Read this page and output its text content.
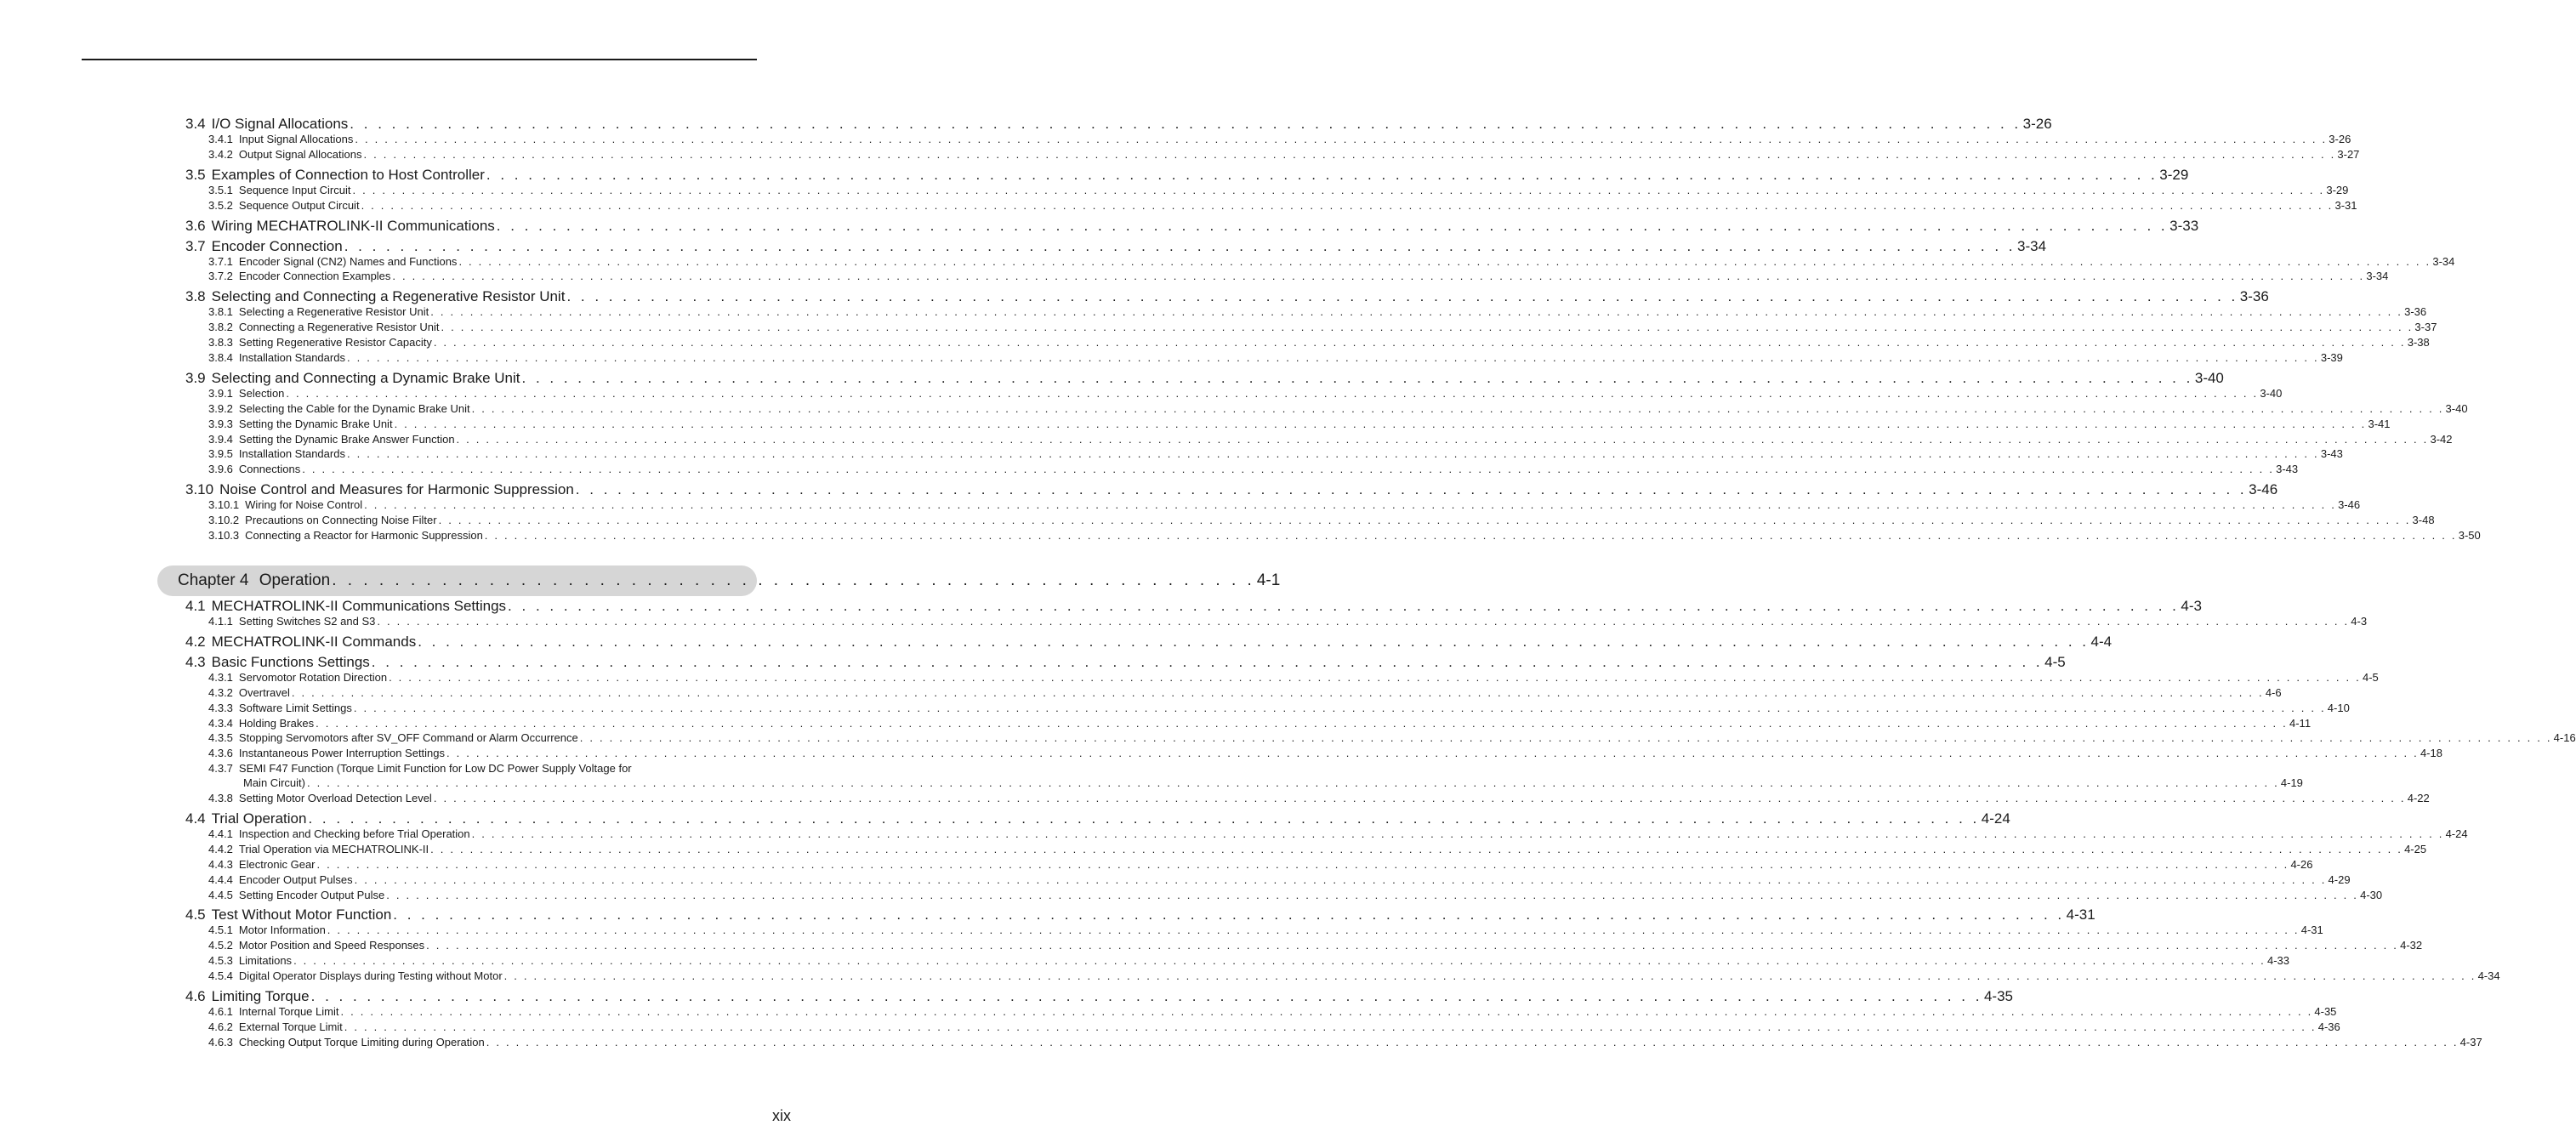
3.4 I/O Signal Allocations . . . . . . . . . . . . . . . . . . . . . . . . . . . . . . . . . . . . . . . . . . . . . . . . . . . . . . . . . . . . . . . . . . . . . . . . . . . . . . . . . . . . . . . . . . . . . . . . . . . . . . . . . . . . . . . . . . . . . . . . 3-26
3.4.1 Input Signal Allocations . . . . . . . . . . . . . . . . . . . . . . . . . . . . . . . . . . . . . . . . . . . . . . . . . . . . . . . . . . . . . . . . . . . . . . . . . . . . . . . . . . . . . . . . . . . . . . . . . . . . . . . . . . . . . . . . . . . . . . . . . . . . . . . . . . . . . . . . . . . . . . . . . . . . . . . . . . . . . . . . . . . . . . . . . . . . . . . . . . . . . . . . . . . . . . . . . . . . . . . . 3-26
3.4.2 Output Signal Allocations . . . . . . . . . . . . . . . . . . . . . . . . . . . . . . . . . . . . . . . . . . . . . . . . . . . . . . . . . . . . . . . . . . . . . . . . . . . . . . . . . . . . . . . . . . . . . . . . . . . . . . . . . . . . . . . . . . . . . . . . . . . . . . . . . . . . . . . . . . . . . . . . . . . . . . . . . . . . . . . . . . . . . . . . . . . . . . . . . . . . . . . . . . . . . . . . . . . . . . . . 3-27
3.5 Examples of Connection to Host Controller . . . . . . . . . . . . . . . . . . . . . . . . . . . . . . . . . . . . . . . . . . . . . . . . . . . . . . . . . . . . . . . . . . . . . . . . . . . . . . . . . . . . . . . . . . . . . . . . . . . . . . . . . . . . . . . . . . . . . . . . 3-29
3.5.1 Sequence Input Circuit . . . . . . . . . . . . . . . . . . . . . . . . . . . . . . . . . . . . . . . . . . . . . . . . . . . . . . . . . . . . . . . . . . . . . . . . . . . . . . . . . . . . . . . . . . . . . . . . . . . . . . . . . . . . . . . . . . . . . . . . . . . . . . . . . . . . . . . . . . . . . . . . . . . . . . . . . . . . . . . . . . . . . . . . . . . . . . . . . . . . . . . . . . . . . . . . . . . . . . . . 3-29
3.5.2 Sequence Output Circuit . . . . . . . . . . . . . . . . . . . . . . . . . . . . . . . . . . . . . . . . . . . . . . . . . . . . . . . . . . . . . . . . . . . . . . . . . . . . . . . . . . . . . . . . . . . . . . . . . . . . . . . . . . . . . . . . . . . . . . . . . . . . . . . . . . . . . . . . . . . . . . . . . . . . . . . . . . . . . . . . . . . . . . . . . . . . . . . . . . . . . . . . . . . . . . . . . . . . . . . . 3-31
3.6 Wiring MECHATROLINK-II Communications . . . . . . . . . . . . . . . . . . . . . . . . . . . . . . . . . . . . . . . . . . . . . . . . . . . . . . . . . . . . . . . . . . . . . . . . . . . . . . . . . . . . . . . . . . . . . . . . . . . . . . . . . . . . . . . . . . . . . . . . 3-33
3.7 Encoder Connection . . . . . . . . . . . . . . . . . . . . . . . . . . . . . . . . . . . . . . . . . . . . . . . . . . . . . . . . . . . . . . . . . . . . . . . . . . . . . . . . . . . . . . . . . . . . . . . . . . . . . . . . . . . . . . . . . . . . . . . . 3-34
3.7.1 Encoder Signal (CN2) Names and Functions . . . . . . . . . . . . . . . . . . . . . . . . . . . . . . . . . . . . . . . . . . . . . . . . . . . . . . . . . . . . . . . . . . . . . . . . . . . . . . . . . . . . . . . . . . . . . . . . . . . . . . . . . . . . . . . . . . . . . . . . . . . . . . . . . . . . . . . . . . . . . . . . . . . . . . . . . . . . . . . . . . . . . . . . . . . . . . . . . . . . . . . . . . . . . . . . . . . . . . . . 3-34
3.7.2 Encoder Connection Examples . . . . . . . . . . . . . . . . . . . . . . . . . . . . . . . . . . . . . . . . . . . . . . . . . . . . . . . . . . . . . . . . . . . . . . . . . . . . . . . . . . . . . . . . . . . . . . . . . . . . . . . . . . . . . . . . . . . . . . . . . . . . . . . . . . . . . . . . . . . . . . . . . . . . . . . . . . . . . . . . . . . . . . . . . . . . . . . . . . . . . . . . . . . . . . . . . . . . . . . . 3-34
3.8 Selecting and Connecting a Regenerative Resistor Unit . . . . . . . . . . . . . . . . . . . . . . . . . . . . . . . . . . . . . . . . . . . . . . . . . . . . . . . . . . . . . . . . . . . . . . . . . . . . . . . . . . . . . . . . . . . . . . . . . . . . . . . . . . . . . . . . . . . . . . . . 3-36
3.8.1 Selecting a Regenerative Resistor Unit . . . . . . . . . . . . . . . . . . . . . . . . . . . . . . . . . . . . . . . . . . . . . . . . . . . . . . . . . . . . . . . . . . . . . . . . . . . . . . . . . . . . . . . . . . . . . . . . . . . . . . . . . . . . . . . . . . . . . . . . . . . . . . . . . . . . . . . . . . . . . . . . . . . . . . . . . . . . . . . . . . . . . . . . . . . . . . . . . . . . . . . . . . . . . . . . . . . . . . . . 3-36
3.8.2 Connecting a Regenerative Resistor Unit . . . . . . . . . . . . . . . . . . . . . . . . . . . . . . . . . . . . . . . . . . . . . . . . . . . . . . . . . . . . . . . . . . . . . . . . . . . . . . . . . . . . . . . . . . . . . . . . . . . . . . . . . . . . . . . . . . . . . . . . . . . . . . . . . . . . . . . . . . . . . . . . . . . . . . . . . . . . . . . . . . . . . . . . . . . . . . . . . . . . . . . . . . . . . . . . . . . . . . . . 3-37
3.8.3 Setting Regenerative Resistor Capacity . . . . . . . . . . . . . . . . . . . . . . . . . . . . . . . . . . . . . . . . . . . . . . . . . . . . . . . . . . . . . . . . . . . . . . . . . . . . . . . . . . . . . . . . . . . . . . . . . . . . . . . . . . . . . . . . . . . . . . . . . . . . . . . . . . . . . . . . . . . . . . . . . . . . . . . . . . . . . . . . . . . . . . . . . . . . . . . . . . . . . . . . . . . . . . . . . . . . . . . . 3-38
3.8.4 Installation Standards . . . . . . . . . . . . . . . . . . . . . . . . . . . . . . . . . . . . . . . . . . . . . . . . . . . . . . . . . . . . . . . . . . . . . . . . . . . . . . . . . . . . . . . . . . . . . . . . . . . . . . . . . . . . . . . . . . . . . . . . . . . . . . . . . . . . . . . . . . . . . . . . . . . . . . . . . . . . . . . . . . . . . . . . . . . . . . . . . . . . . . . . . . . . . . . . . . . . . . . . 3-39
3.9 Selecting and Connecting a Dynamic Brake Unit . . . . . . . . . . . . . . . . . . . . . . . . . . . . . . . . . . . . . . . . . . . . . . . . . . . . . . . . . . . . . . . . . . . . . . . . . . . . . . . . . . . . . . . . . . . . . . . . . . . . . . . . . . . . . . . . . . . . . . . . 3-40
3.9.1 Selection . . . . . . . . . . . . . . . . . . . . . . . . . . . . . . . . . . . . . . . . . . . . . . . . . . . . . . . . . . . . . . . . . . . . . . . . . . . . . . . . . . . . . . . . . . . . . . . . . . . . . . . . . . . . . . . . . . . . . . . . . . . . . . . . . . . . . . . . . . . . . . . . . . . . . . . . . . . . . . . . . . . . . . . . . . . . . . . . . . . . . . . . . . . . . . . . . . . . . . . . 3-40
3.9.2 Selecting the Cable for the Dynamic Brake Unit . . . . . . . . . . . . . . . . . . . . . . . . . . . . . . . . . . . . . . . . . . . . . . . . . . . . . . . . . . . . . . . . . . . . . . . . . . . . . . . . . . . . . . . . . . . . . . . . . . . . . . . . . . . . . . . . . . . . . . . . . . . . . . . . . . . . . . . . . . . . . . . . . . . . . . . . . . . . . . . . . . . . . . . . . . . . . . . . . . . . . . . . . . . . . . . . . . . . . . . . 3-40
3.9.3 Setting the Dynamic Brake Unit . . . . . . . . . . . . . . . . . . . . . . . . . . . . . . . . . . . . . . . . . . . . . . . . . . . . . . . . . . . . . . . . . . . . . . . . . . . . . . . . . . . . . . . . . . . . . . . . . . . . . . . . . . . . . . . . . . . . . . . . . . . . . . . . . . . . . . . . . . . . . . . . . . . . . . . . . . . . . . . . . . . . . . . . . . . . . . . . . . . . . . . . . . . . . . . . . . . . . . . . 3-41
3.9.4 Setting the Dynamic Brake Answer Function . . . . . . . . . . . . . . . . . . . . . . . . . . . . . . . . . . . . . . . . . . . . . . . . . . . . . . . . . . . . . . . . . . . . . . . . . . . . . . . . . . . . . . . . . . . . . . . . . . . . . . . . . . . . . . . . . . . . . . . . . . . . . . . . . . . . . . . . . . . . . . . . . . . . . . . . . . . . . . . . . . . . . . . . . . . . . . . . . . . . . . . . . . . . . . . . . . . . . . . . 3-42
3.9.5 Installation Standards . . . . . . . . . . . . . . . . . . . . . . . . . . . . . . . . . . . . . . . . . . . . . . . . . . . . . . . . . . . . . . . . . . . . . . . . . . . . . . . . . . . . . . . . . . . . . . . . . . . . . . . . . . . . . . . . . . . . . . . . . . . . . . . . . . . . . . . . . . . . . . . . . . . . . . . . . . . . . . . . . . . . . . . . . . . . . . . . . . . . . . . . . . . . . . . . . . . . . . . . 3-43
3.9.6 Connections . . . . . . . . . . . . . . . . . . . . . . . . . . . . . . . . . . . . . . . . . . . . . . . . . . . . . . . . . . . . . . . . . . . . . . . . . . . . . . . . . . . . . . . . . . . . . . . . . . . . . . . . . . . . . . . . . . . . . . . . . . . . . . . . . . . . . . . . . . . . . . . . . . . . . . . . . . . . . . . . . . . . . . . . . . . . . . . . . . . . . . . . . . . . . . . . . . . . . . . . 3-43
3.10 Noise Control and Measures for Harmonic Suppression . . . . . . . . . . . . . . . . . . . . . . . . . . . . . . . . . . . . . . . . . . . . . . . . . . . . . . . . . . . . . . . . . . . . . . . . . . . . . . . . . . . . . . . . . . . . . . . . . . . . . . . . . . . . . . . . . . . . . . . . 3-46
3.10.1 Wiring for Noise Control . . . . . . . . . . . . . . . . . . . . . . . . . . . . . . . . . . . . . . . . . . . . . . . . . . . . . . . . . . . . . . . . . . . . . . . . . . . . . . . . . . . . . . . . . . . . . . . . . . . . . . . . . . . . . . . . . . . . . . . . . . . . . . . . . . . . . . . . . . . . . . . . . . . . . . . . . . . . . . . . . . . . . . . . . . . . . . . . . . . . . . . . . . . . . . . . . . . . . . . . 3-46
3.10.2 Precautions on Connecting Noise Filter . . . . . . . . . . . . . . . . . . . . . . . . . . . . . . . . . . . . . . . . . . . . . . . . . . . . . . . . . . . . . . . . . . . . . . . . . . . . . . . . . . . . . . . . . . . . . . . . . . . . . . . . . . . . . . . . . . . . . . . . . . . . . . . . . . . . . . . . . . . . . . . . . . . . . . . . . . . . . . . . . . . . . . . . . . . . . . . . . . . . . . . . . . . . . . . . . . . . . . . . 3-48
3.10.3 Connecting a Reactor for Harmonic Suppression . . . . . . . . . . . . . . . . . . . . . . . . . . . . . . . . . . . . . . . . . . . . . . . . . . . . . . . . . . . . . . . . . . . . . . . . . . . . . . . . . . . . . . . . . . . . . . . . . . . . . . . . . . . . . . . . . . . . . . . . . . . . . . . . . . . . . . . . . . . . . . . . . . . . . . . . . . . . . . . . . . . . . . . . . . . . . . . . . . . . . . . . . . . . . . . . . . . . . . . . 3-50
Chapter 4 Operation . . . . . . . . . . . . . . . . . . . . . . . . . . . . . . . . . . . . . . . . . . . . . . . . . . . . . . . . . . . 4-1
4.1 MECHATROLINK-II Communications Settings . . . . . . . . . . . . . . . . . . . . . . . . . . . . . . . . . . . . . . . . . . . . . . . . . . . . . . . . . . . . . . . . . . . . . . . . . . . . . . . . . . . . . . . . . . . . . . . . . . . . . . . . . . . . . . . . . . . . . . . . 4-3
4.1.1 Setting Switches S2 and S3 . . . . . . . . . . . . . . . . . . . . . . . . . . . . . . . . . . . . . . . . . . . . . . . . . . . . . . . . . . . . . . . . . . . . . . . . . . . . . . . . . . . . . . . . . . . . . . . . . . . . . . . . . . . . . . . . . . . . . . . . . . . . . . . . . . . . . . . . . . . . . . . . . . . . . . . . . . . . . . . . . . . . . . . . . . . . . . . . . . . . . . . . . . . . . . . . . . . . . . . . 4-3
4.2 MECHATROLINK-II Commands . . . . . . . . . . . . . . . . . . . . . . . . . . . . . . . . . . . . . . . . . . . . . . . . . . . . . . . . . . . . . . . . . . . . . . . . . . . . . . . . . . . . . . . . . . . . . . . . . . . . . . . . . . . . . . . . . . . . . . . . 4-4
4.3 Basic Functions Settings . . . . . . . . . . . . . . . . . . . . . . . . . . . . . . . . . . . . . . . . . . . . . . . . . . . . . . . . . . . . . . . . . . . . . . . . . . . . . . . . . . . . . . . . . . . . . . . . . . . . . . . . . . . . . . . . . . . . . . . . 4-5
4.3.1 Servomotor Rotation Direction . . . . . . . . . . . . . . . . . . . . . . . . . . . . . . . . . . . . . . . . . . . . . . . . . . . . . . . . . . . . . . . . . . . . . . . . . . . . . . . . . . . . . . . . . . . . . . . . . . . . . . . . . . . . . . . . . . . . . . . . . . . . . . . . . . . . . . . . . . . . . . . . . . . . . . . . . . . . . . . . . . . . . . . . . . . . . . . . . . . . . . . . . . . . . . . . . . . . . . . . 4-5
4.3.2 Overtravel . . . . . . . . . . . . . . . . . . . . . . . . . . . . . . . . . . . . . . . . . . . . . . . . . . . . . . . . . . . . . . . . . . . . . . . . . . . . . . . . . . . . . . . . . . . . . . . . . . . . . . . . . . . . . . . . . . . . . . . . . . . . . . . . . . . . . . . . . . . . . . . . . . . . . . . . . . . . . . . . . . . . . . . . . . . . . . . . . . . . . . . . . . . . . . . . . . . . . . . . 4-6
4.3.3 Software Limit Settings . . . . . . . . . . . . . . . . . . . . . . . . . . . . . . . . . . . . . . . . . . . . . . . . . . . . . . . . . . . . . . . . . . . . . . . . . . . . . . . . . . . . . . . . . . . . . . . . . . . . . . . . . . . . . . . . . . . . . . . . . . . . . . . . . . . . . . . . . . . . . . . . . . . . . . . . . . . . . . . . . . . . . . . . . . . . . . . . . . . . . . . . . . . . . . . . . . . . . . . . 4-10
4.3.4 Holding Brakes . . . . . . . . . . . . . . . . . . . . . . . . . . . . . . . . . . . . . . . . . . . . . . . . . . . . . . . . . . . . . . . . . . . . . . . . . . . . . . . . . . . . . . . . . . . . . . . . . . . . . . . . . . . . . . . . . . . . . . . . . . . . . . . . . . . . . . . . . . . . . . . . . . . . . . . . . . . . . . . . . . . . . . . . . . . . . . . . . . . . . . . . . . . . . . . . . . . . . . . . 4-11
4.3.5 Stopping Servomotors after SV_OFF Command or Alarm Occurrence . . . . . . . . . . . . . . . . . . . . . . . . . . . . . . . . . . . . . . . . . . . . . . . . . . . . . . . . . . . . . . . . . . . . . . . . . . . . . . . . . . . . . . . . . . . . . . . . . . . . . . . . . . . . . . . . . . . . . . . . . . . . . . . . . . . . . . . . . . . . . . . . . . . . . . . . . . . . . . . . . . . . . . . . . . . . . . . . . . . . . . . . . . . . . . . . . . . . . . . . 4-16
4.3.6 Instantaneous Power Interruption Settings . . . . . . . . . . . . . . . . . . . . . . . . . . . . . . . . . . . . . . . . . . . . . . . . . . . . . . . . . . . . . . . . . . . . . . . . . . . . . . . . . . . . . . . . . . . . . . . . . . . . . . . . . . . . . . . . . . . . . . . . . . . . . . . . . . . . . . . . . . . . . . . . . . . . . . . . . . . . . . . . . . . . . . . . . . . . . . . . . . . . . . . . . . . . . . . . . . . . . . . . 4-18
4.3.7 SEMI F47 Function (Torque Limit Function for Low DC Power Supply Voltage for
Main Circuit) . . . . . . . . . . . . . . . . . . . . . . . . . . . . . . . . . . . . . . . . . . . . . . . . . . . . . . . . . . . . . . . . . . . . . . . . . . . . . . . . . . . . . . . . . . . . . . . . . . . . . . . . . . . . . . . . . . . . . . . . . . . . . . . . . . . . . . . . . . . . . . . . . . . . . . . . . . . . . . . . . . . . . . . . . . . . . . . . . . . . . . . . . . . . . . . . . . . . . . . . 4-19
4.3.8 Setting Motor Overload Detection Level . . . . . . . . . . . . . . . . . . . . . . . . . . . . . . . . . . . . . . . . . . . . . . . . . . . . . . . . . . . . . . . . . . . . . . . . . . . . . . . . . . . . . . . . . . . . . . . . . . . . . . . . . . . . . . . . . . . . . . . . . . . . . . . . . . . . . . . . . . . . . . . . . . . . . . . . . . . . . . . . . . . . . . . . . . . . . . . . . . . . . . . . . . . . . . . . . . . . . . . . 4-22
4.4 Trial Operation . . . . . . . . . . . . . . . . . . . . . . . . . . . . . . . . . . . . . . . . . . . . . . . . . . . . . . . . . . . . . . . . . . . . . . . . . . . . . . . . . . . . . . . . . . . . . . . . . . . . . . . . . . . . . . . . . . . . . . . . 4-24
4.4.1 Inspection and Checking before Trial Operation . . . . . . . . . . . . . . . . . . . . . . . . . . . . . . . . . . . . . . . . . . . . . . . . . . . . . . . . . . . . . . . . . . . . . . . . . . . . . . . . . . . . . . . . . . . . . . . . . . . . . . . . . . . . . . . . . . . . . . . . . . . . . . . . . . . . . . . . . . . . . . . . . . . . . . . . . . . . . . . . . . . . . . . . . . . . . . . . . . . . . . . . . . . . . . . . . . . . . . . . 4-24
4.4.2 Trial Operation via MECHATROLINK-II . . . . . . . . . . . . . . . . . . . . . . . . . . . . . . . . . . . . . . . . . . . . . . . . . . . . . . . . . . . . . . . . . . . . . . . . . . . . . . . . . . . . . . . . . . . . . . . . . . . . . . . . . . . . . . . . . . . . . . . . . . . . . . . . . . . . . . . . . . . . . . . . . . . . . . . . . . . . . . . . . . . . . . . . . . . . . . . . . . . . . . . . . . . . . . . . . . . . . . . . 4-25
4.4.3 Electronic Gear . . . . . . . . . . . . . . . . . . . . . . . . . . . . . . . . . . . . . . . . . . . . . . . . . . . . . . . . . . . . . . . . . . . . . . . . . . . . . . . . . . . . . . . . . . . . . . . . . . . . . . . . . . . . . . . . . . . . . . . . . . . . . . . . . . . . . . . . . . . . . . . . . . . . . . . . . . . . . . . . . . . . . . . . . . . . . . . . . . . . . . . . . . . . . . . . . . . . . . . . 4-26
4.4.4 Encoder Output Pulses . . . . . . . . . . . . . . . . . . . . . . . . . . . . . . . . . . . . . . . . . . . . . . . . . . . . . . . . . . . . . . . . . . . . . . . . . . . . . . . . . . . . . . . . . . . . . . . . . . . . . . . . . . . . . . . . . . . . . . . . . . . . . . . . . . . . . . . . . . . . . . . . . . . . . . . . . . . . . . . . . . . . . . . . . . . . . . . . . . . . . . . . . . . . . . . . . . . . . . . . 4-29
4.4.5 Setting Encoder Output Pulse . . . . . . . . . . . . . . . . . . . . . . . . . . . . . . . . . . . . . . . . . . . . . . . . . . . . . . . . . . . . . . . . . . . . . . . . . . . . . . . . . . . . . . . . . . . . . . . . . . . . . . . . . . . . . . . . . . . . . . . . . . . . . . . . . . . . . . . . . . . . . . . . . . . . . . . . . . . . . . . . . . . . . . . . . . . . . . . . . . . . . . . . . . . . . . . . . . . . . . . . 4-30
4.5 Test Without Motor Function . . . . . . . . . . . . . . . . . . . . . . . . . . . . . . . . . . . . . . . . . . . . . . . . . . . . . . . . . . . . . . . . . . . . . . . . . . . . . . . . . . . . . . . . . . . . . . . . . . . . . . . . . . . . . . . . . . . . . . . . 4-31
4.5.1 Motor Information . . . . . . . . . . . . . . . . . . . . . . . . . . . . . . . . . . . . . . . . . . . . . . . . . . . . . . . . . . . . . . . . . . . . . . . . . . . . . . . . . . . . . . . . . . . . . . . . . . . . . . . . . . . . . . . . . . . . . . . . . . . . . . . . . . . . . . . . . . . . . . . . . . . . . . . . . . . . . . . . . . . . . . . . . . . . . . . . . . . . . . . . . . . . . . . . . . . . . . . . 4-31
4.5.2 Motor Position and Speed Responses . . . . . . . . . . . . . . . . . . . . . . . . . . . . . . . . . . . . . . . . . . . . . . . . . . . . . . . . . . . . . . . . . . . . . . . . . . . . . . . . . . . . . . . . . . . . . . . . . . . . . . . . . . . . . . . . . . . . . . . . . . . . . . . . . . . . . . . . . . . . . . . . . . . . . . . . . . . . . . . . . . . . . . . . . . . . . . . . . . . . . . . . . . . . . . . . . . . . . . . . 4-32
4.5.3 Limitations . . . . . . . . . . . . . . . . . . . . . . . . . . . . . . . . . . . . . . . . . . . . . . . . . . . . . . . . . . . . . . . . . . . . . . . . . . . . . . . . . . . . . . . . . . . . . . . . . . . . . . . . . . . . . . . . . . . . . . . . . . . . . . . . . . . . . . . . . . . . . . . . . . . . . . . . . . . . . . . . . . . . . . . . . . . . . . . . . . . . . . . . . . . . . . . . . . . . . . . . 4-33
4.5.4 Digital Operator Displays during Testing without Motor . . . . . . . . . . . . . . . . . . . . . . . . . . . . . . . . . . . . . . . . . . . . . . . . . . . . . . . . . . . . . . . . . . . . . . . . . . . . . . . . . . . . . . . . . . . . . . . . . . . . . . . . . . . . . . . . . . . . . . . . . . . . . . . . . . . . . . . . . . . . . . . . . . . . . . . . . . . . . . . . . . . . . . . . . . . . . . . . . . . . . . . . . . . . . . . . . . . . . . . . 4-34
4.6 Limiting Torque . . . . . . . . . . . . . . . . . . . . . . . . . . . . . . . . . . . . . . . . . . . . . . . . . . . . . . . . . . . . . . . . . . . . . . . . . . . . . . . . . . . . . . . . . . . . . . . . . . . . . . . . . . . . . . . . . . . . . . . . 4-35
4.6.1 Internal Torque Limit . . . . . . . . . . . . . . . . . . . . . . . . . . . . . . . . . . . . . . . . . . . . . . . . . . . . . . . . . . . . . . . . . . . . . . . . . . . . . . . . . . . . . . . . . . . . . . . . . . . . . . . . . . . . . . . . . . . . . . . . . . . . . . . . . . . . . . . . . . . . . . . . . . . . . . . . . . . . . . . . . . . . . . . . . . . . . . . . . . . . . . . . . . . . . . . . . . . . . . . . 4-35
4.6.2 External Torque Limit . . . . . . . . . . . . . . . . . . . . . . . . . . . . . . . . . . . . . . . . . . . . . . . . . . . . . . . . . . . . . . . . . . . . . . . . . . . . . . . . . . . . . . . . . . . . . . . . . . . . . . . . . . . . . . . . . . . . . . . . . . . . . . . . . . . . . . . . . . . . . . . . . . . . . . . . . . . . . . . . . . . . . . . . . . . . . . . . . . . . . . . . . . . . . . . . . . . . . . . . 4-36
4.6.3 Checking Output Torque Limiting during Operation . . . . . . . . . . . . . . . . . . . . . . . . . . . . . . . . . . . . . . . . . . . . . . . . . . . . . . . . . . . . . . . . . . . . . . . . . . . . . . . . . . . . . . . . . . . . . . . . . . . . . . . . . . . . . . . . . . . . . . . . . . . . . . . . . . . . . . . . . . . . . . . . . . . . . . . . . . . . . . . . . . . . . . . . . . . . . . . . . . . . . . . . . . . . . . . . . . . . . . . . 4-37
xix
